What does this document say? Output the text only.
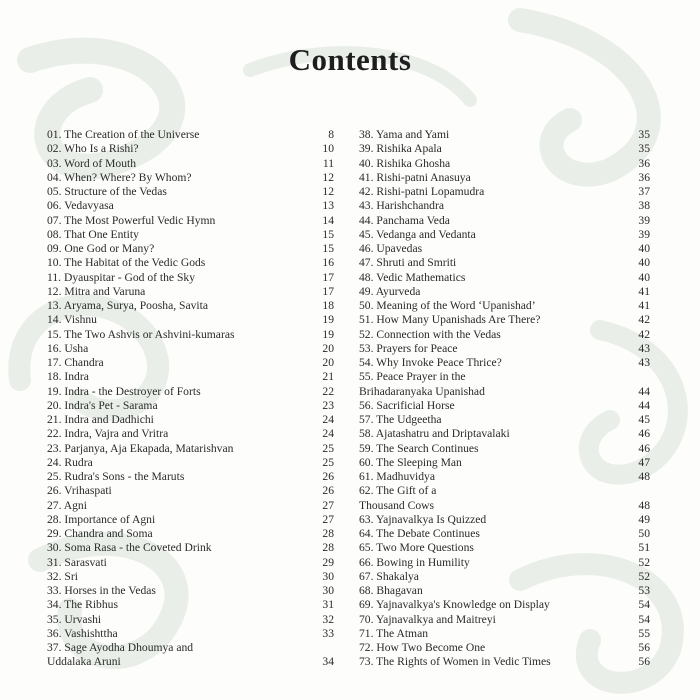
Contents
01. The Creation of the Universe	8
02. Who Is a Rishi?	10
03. Word of Mouth	11
04. When? Where? By Whom?	12
05. Structure of the Vedas	12
06. Vedavyasa	13
07. The Most Powerful Vedic Hymn	14
08. That One Entity	15
09. One God or Many?	15
10. The Habitat of the Vedic Gods	16
11. Dyauspitar - God of the Sky	17
12. Mitra and Varuna	17
13. Aryama, Surya, Poosha, Savita	18
14. Vishnu	19
15. The Two Ashvis or Ashvini-kumaras	19
16. Usha	20
17. Chandra	20
18. Indra	21
19. Indra - the Destroyer of Forts	22
20. Indra's Pet - Sarama	23
21. Indra and Dadhichi	24
22. Indra, Vajra and Vritra	24
23. Parjanya, Aja Ekapada, Matarishvan	25
24. Rudra	25
25. Rudra's Sons - the Maruts	26
26. Vrihaspati	26
27. Agni	27
28. Importance of Agni	27
29. Chandra and Soma	28
30. Soma Rasa - the Coveted Drink	28
31. Sarasvati	29
32. Sri	30
33. Horses in the Vedas	30
34. The Ribhus	31
35. Urvashi	32
36. Vashishttha	33
37. Sage Ayodha Dhoumya and
Uddalaka Aruni	34
38. Yama and Yami	35
39. Rishika Apala	35
40. Rishika Ghosha	36
41. Rishi-patni Anasuya	36
42. Rishi-patni Lopamudra	37
43. Harishchandra	38
44. Panchama Veda	39
45. Vedanga and Vedanta	39
46. Upavedas	40
47. Shruti and Smriti	40
48. Vedic Mathematics	40
49. Ayurveda	41
50. Meaning of the Word ‘Upanishad’	41
51. How Many Upanishads Are There?	42
52. Connection with the Vedas	42
53. Prayers for Peace	43
54. Why Invoke Peace Thrice?	43
55. Peace Prayer in the
Brihadaranyaka Upanishad	44
56. Sacrificial Horse	44
57. The Udgeetha	45
58. Ajatashatru and Driptavalaki	46
59. The Search Continues	46
60. The Sleeping Man	47
61. Madhuvidya	48
62. The Gift of a
Thousand Cows	48
63. Yajnavalkya Is Quizzed	49
64. The Debate Continues	50
65. Two More Questions	51
66. Bowing in Humility	52
67. Shakalya	52
68. Bhagavan	53
69. Yajnavalkya's Knowledge on Display	54
70. Yajnavalkya and Maitreyi	54
71. The Atman	55
72. How Two Become One	56
73. The Rights of Women in Vedic Times	56
